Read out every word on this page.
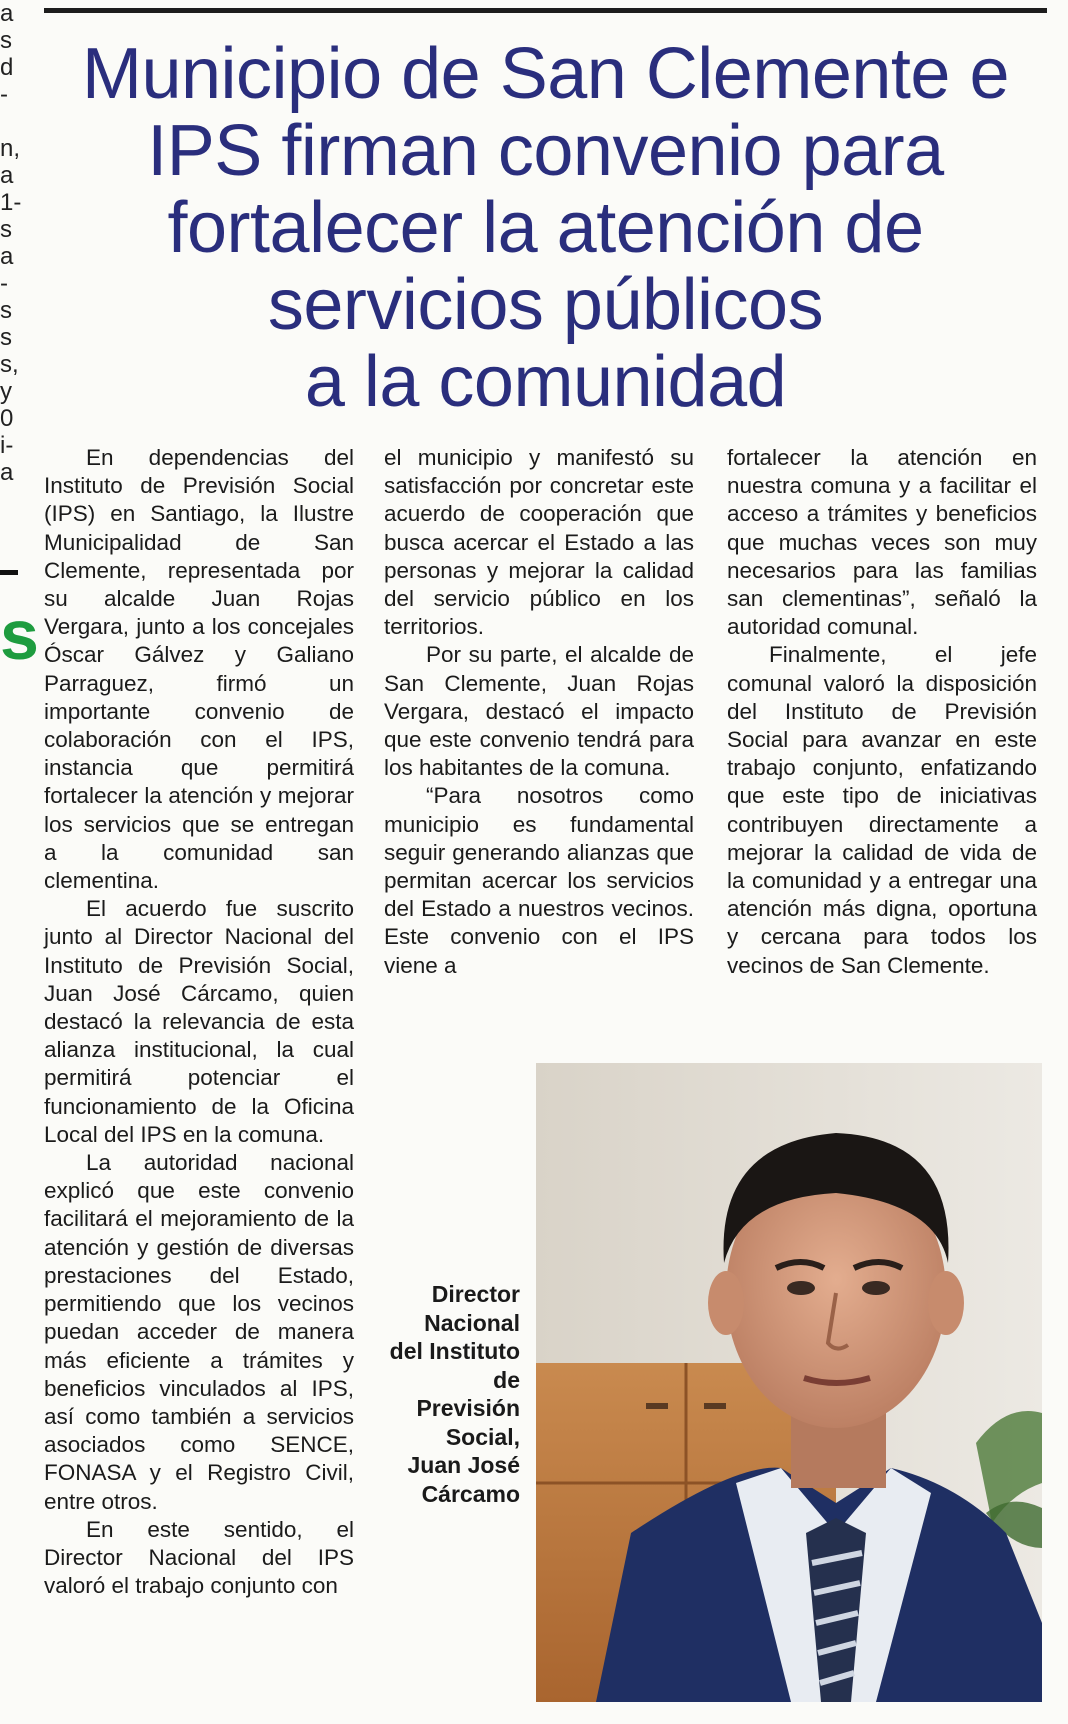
a
s
d
-
n,
a
1-
s
a
-
s
s
s,
y
0
i-
a
s
Municipio de San Clemente e
IPS firman convenio para
fortalecer la atención de
servicios públicos
a la comunidad

En dependencias del Instituto de Previsión Social (IPS) en Santiago, la Ilustre Municipalidad de San Clemente, representada por su alcalde Juan Rojas Vergara, junto a los concejales Óscar Gálvez y Galiano Parraguez, firmó un importante convenio de colaboración con el IPS, instancia que permitirá fortalecer la atención y mejorar los servicios que se entregan a la comunidad san clementina.

El acuerdo fue suscrito junto al Director Nacional del Instituto de Previsión Social, Juan José Cárcamo, quien destacó la relevancia de esta alianza institucional, la cual permitirá potenciar el funcionamiento de la Oficina Local del IPS en la comuna.

La autoridad nacional explicó que este convenio facilitará el mejoramiento de la atención y gestión de diversas prestaciones del Estado, permitiendo que los vecinos puedan acceder de manera más eficiente a trámites y beneficios vinculados al IPS, así como también a servicios asociados como SENCE, FONASA y el Registro Civil, entre otros.

En este sentido, el Director Nacional del IPS valoró el trabajo conjunto con

el municipio y manifestó su satisfacción por concretar este acuerdo de cooperación que busca acercar el Estado a las personas y mejorar la calidad del servicio público en los territorios.

Por su parte, el alcalde de San Clemente, Juan Rojas Vergara, destacó el impacto que este convenio tendrá para los habitantes de la comuna.

“Para nosotros como municipio es fundamental seguir generando alianzas que permitan acercar los servicios del Estado a nuestros vecinos. Este convenio con el IPS viene a

fortalecer la atención en nuestra comuna y a facilitar el acceso a trámites y beneficios que muchas veces son muy necesarios para las familias san clementinas”, señaló la autoridad comunal.

Finalmente, el jefe comunal valoró la disposición del Instituto de Previsión Social para avanzar en este trabajo conjunto, enfatizando que este tipo de iniciativas contribuyen directamente a mejorar la calidad de vida de la comunidad y a entregar una atención más digna, oportuna y cercana para todos los vecinos de San Clemente.

Director Nacional del Instituto de Previsión Social, Juan José Cárcamo
